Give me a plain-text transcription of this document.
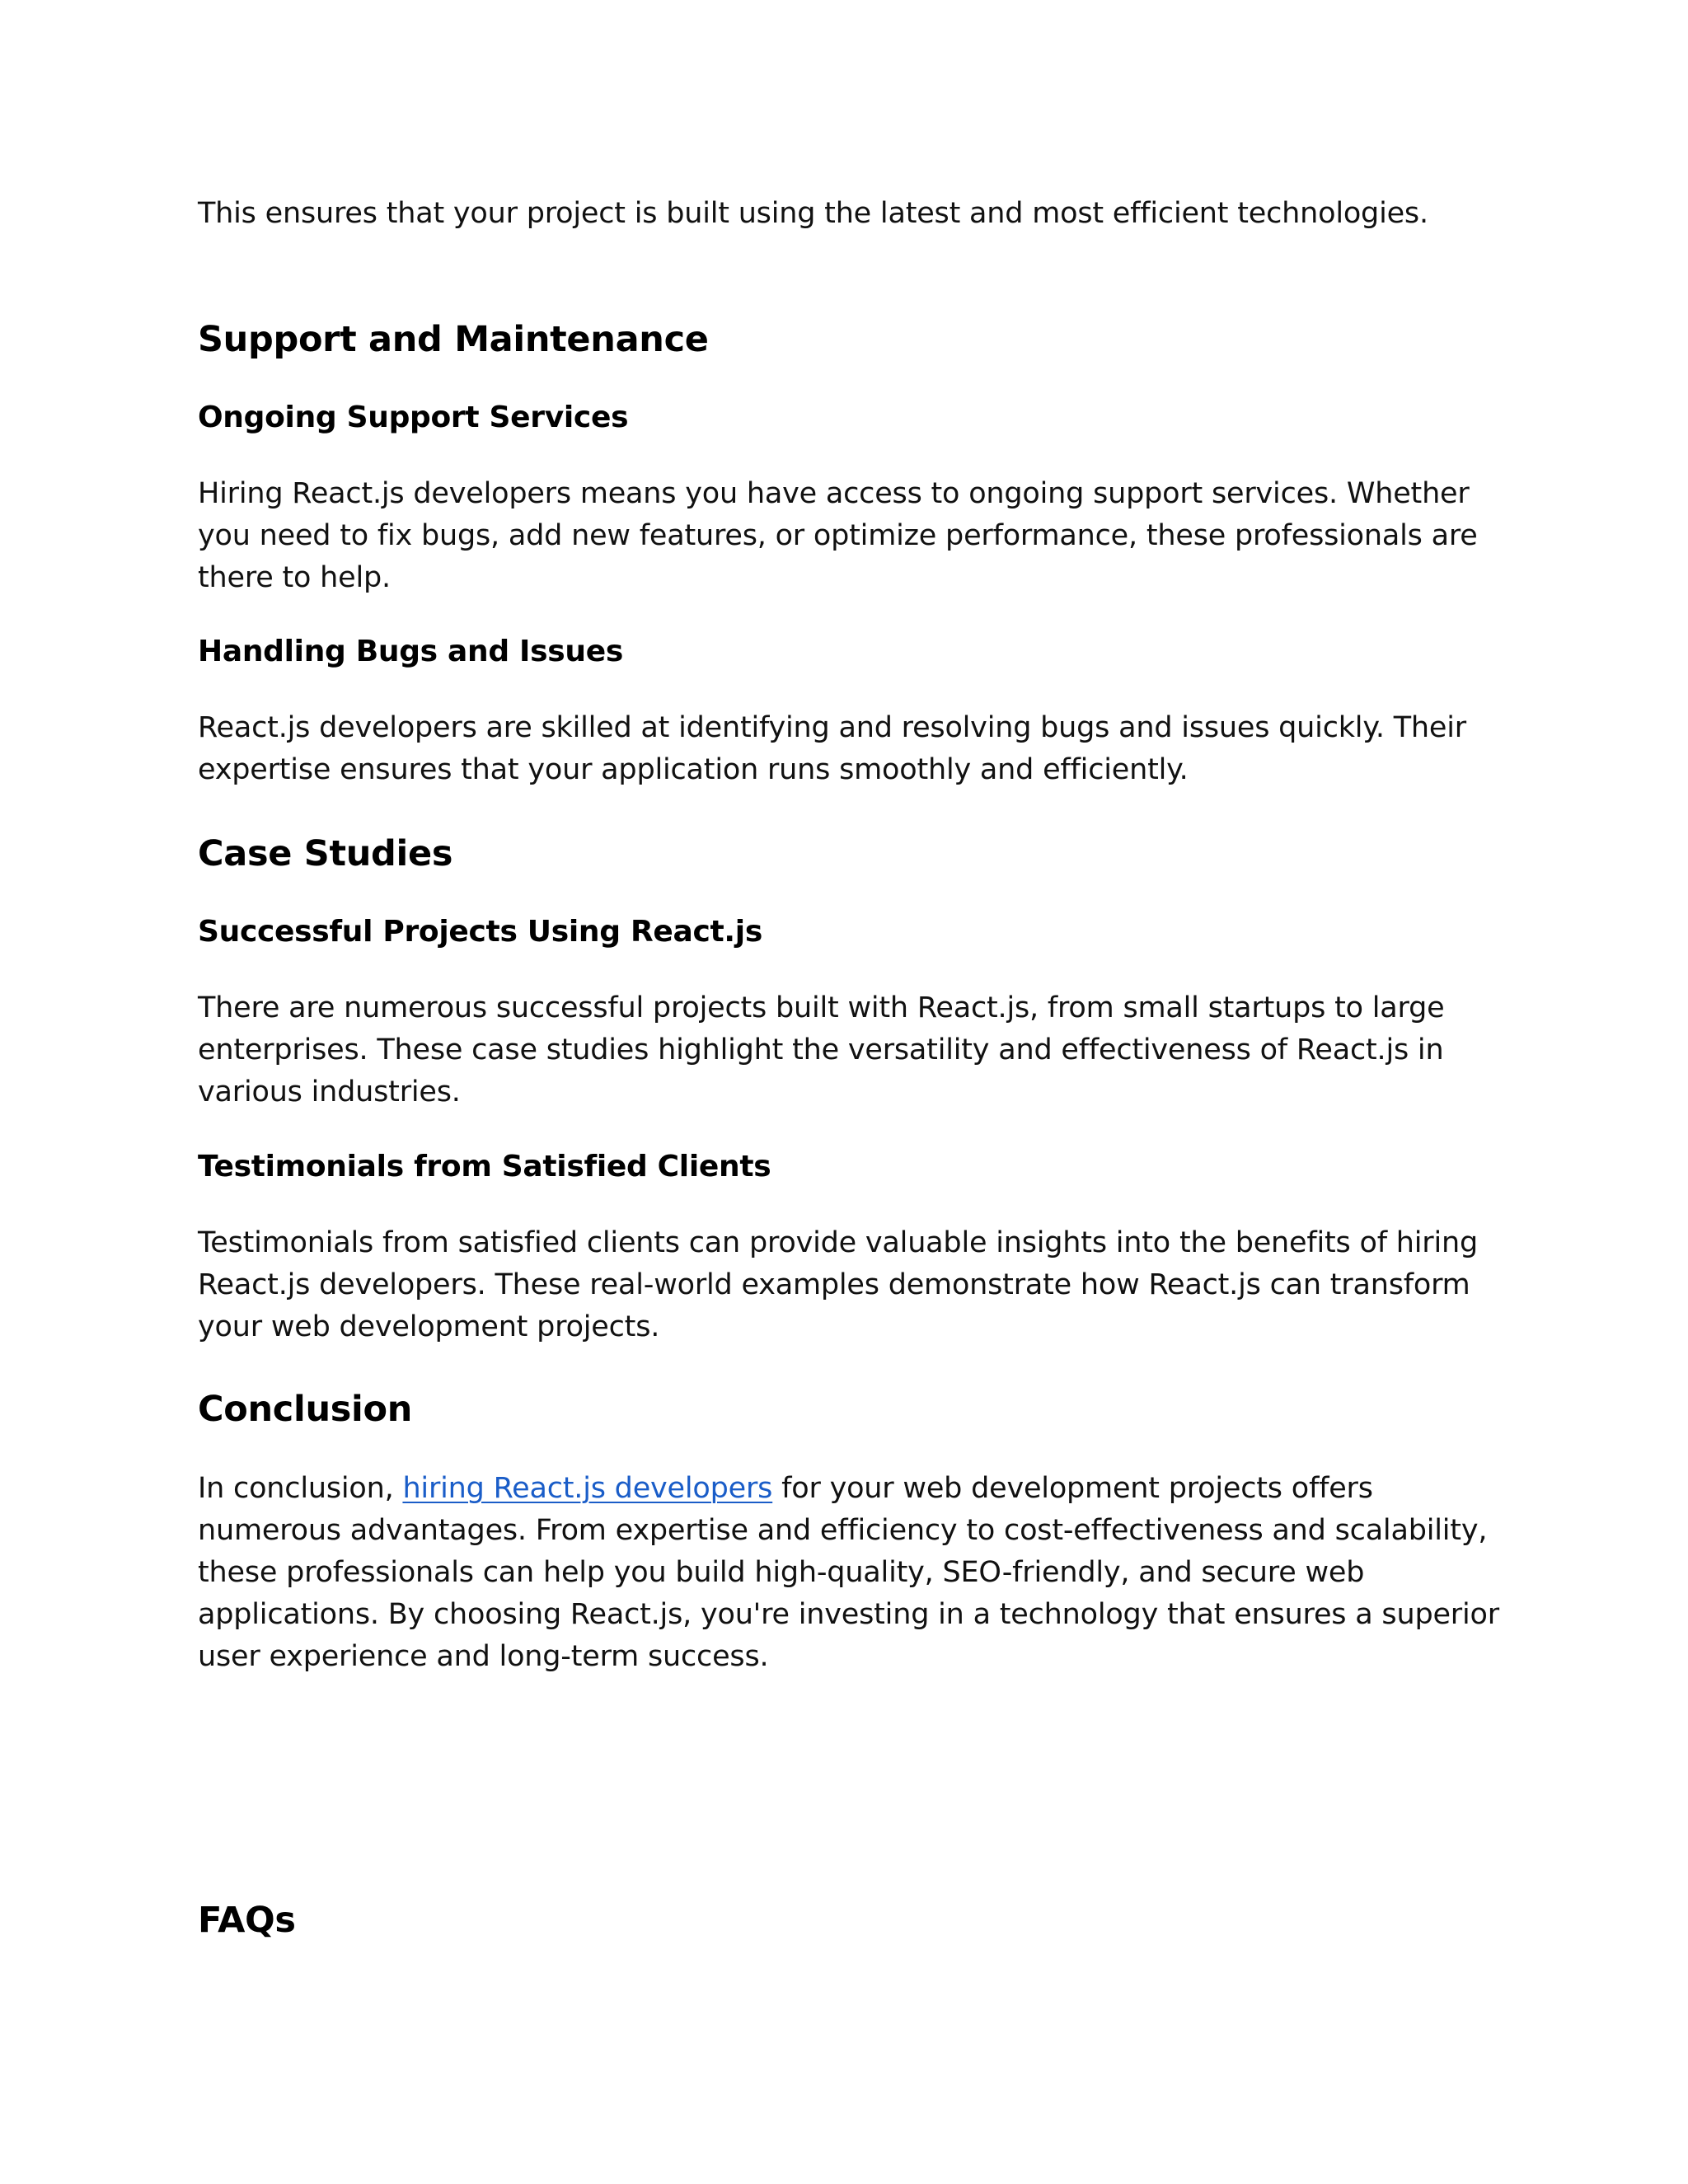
This ensures that your project is built using the latest and most efficient technologies.

Support and Maintenance
Ongoing Support Services

Hiring React.js developers means you have access to ongoing support services. Whether you need to fix bugs, add new features, or optimize performance, these professionals are there to help.

Handling Bugs and Issues

React.js developers are skilled at identifying and resolving bugs and issues quickly. Their expertise ensures that your application runs smoothly and efficiently.

Case Studies
Successful Projects Using React.js

There are numerous successful projects built with React.js, from small startups to large enterprises. These case studies highlight the versatility and effectiveness of React.js in various industries.

Testimonials from Satisfied Clients

Testimonials from satisfied clients can provide valuable insights into the benefits of hiring React.js developers. These real-world examples demonstrate how React.js can transform your web development projects.

Conclusion

In conclusion, hiring React.js developers for your web development projects offers numerous advantages. From expertise and efficiency to cost-effectiveness and scalability, these professionals can help you build high-quality, SEO-friendly, and secure web applications. By choosing React.js, you're investing in a technology that ensures a superior user experience and long-term success.

FAQs
